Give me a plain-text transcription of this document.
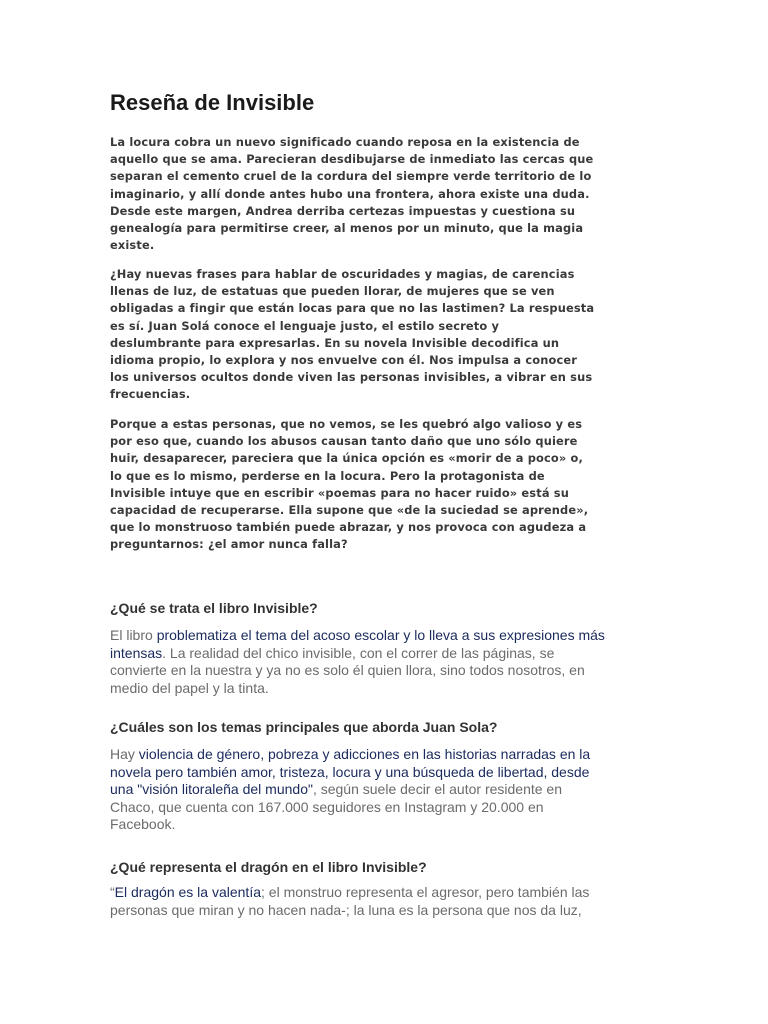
Reseña de Invisible

La locura cobra un nuevo significado cuando reposa en la existencia de
aquello que se ama. Parecieran desdibujarse de inmediato las cercas que
separan el cemento cruel de la cordura del siempre verde territorio de lo
imaginario, y allí donde antes hubo una frontera, ahora existe una duda.
Desde este margen, Andrea derriba certezas impuestas y cuestiona su
genealogía para permitirse creer, al menos por un minuto, que la magia
existe.

¿Hay nuevas frases para hablar de oscuridades y magias, de carencias
llenas de luz, de estatuas que pueden llorar, de mujeres que se ven
obligadas a fingir que están locas para que no las lastimen? La respuesta
es sí. Juan Solá conoce el lenguaje justo, el estilo secreto y
deslumbrante para expresarlas. En su novela Invisible decodifica un
idioma propio, lo explora y nos envuelve con él. Nos impulsa a conocer
los universos ocultos donde viven las personas invisibles, a vibrar en sus
frecuencias.

Porque a estas personas, que no vemos, se les quebró algo valioso y es
por eso que, cuando los abusos causan tanto daño que uno sólo quiere
huir, desaparecer, pareciera que la única opción es «morir de a poco» o,
lo que es lo mismo, perderse en la locura. Pero la protagonista de
Invisible intuye que en escribir «poemas para no hacer ruido» está su
capacidad de recuperarse. Ella supone que «de la suciedad se aprende»,
que lo monstruoso también puede abrazar, y nos provoca con agudeza a
preguntarnos: ¿el amor nunca falla?

¿Qué se trata el libro Invisible?

El libro problematiza el tema del acoso escolar y lo lleva a sus expresiones más
intensas. La realidad del chico invisible, con el correr de las páginas, se
convierte en la nuestra y ya no es solo él quien llora, sino todos nosotros, en
medio del papel y la tinta.

¿Cuáles son los temas principales que aborda Juan Sola?

Hay violencia de género, pobreza y adicciones en las historias narradas en la
novela pero también amor, tristeza, locura y una búsqueda de libertad, desde
una "visión litoraleña del mundo", según suele decir el autor residente en
Chaco, que cuenta con 167.000 seguidores en Instagram y 20.000 en
Facebook.

¿Qué representa el dragón en el libro Invisible?

“El dragón es la valentía; el monstruo representa el agresor, pero también las
personas que miran y no hacen nada-; la luna es la persona que nos da luz,
